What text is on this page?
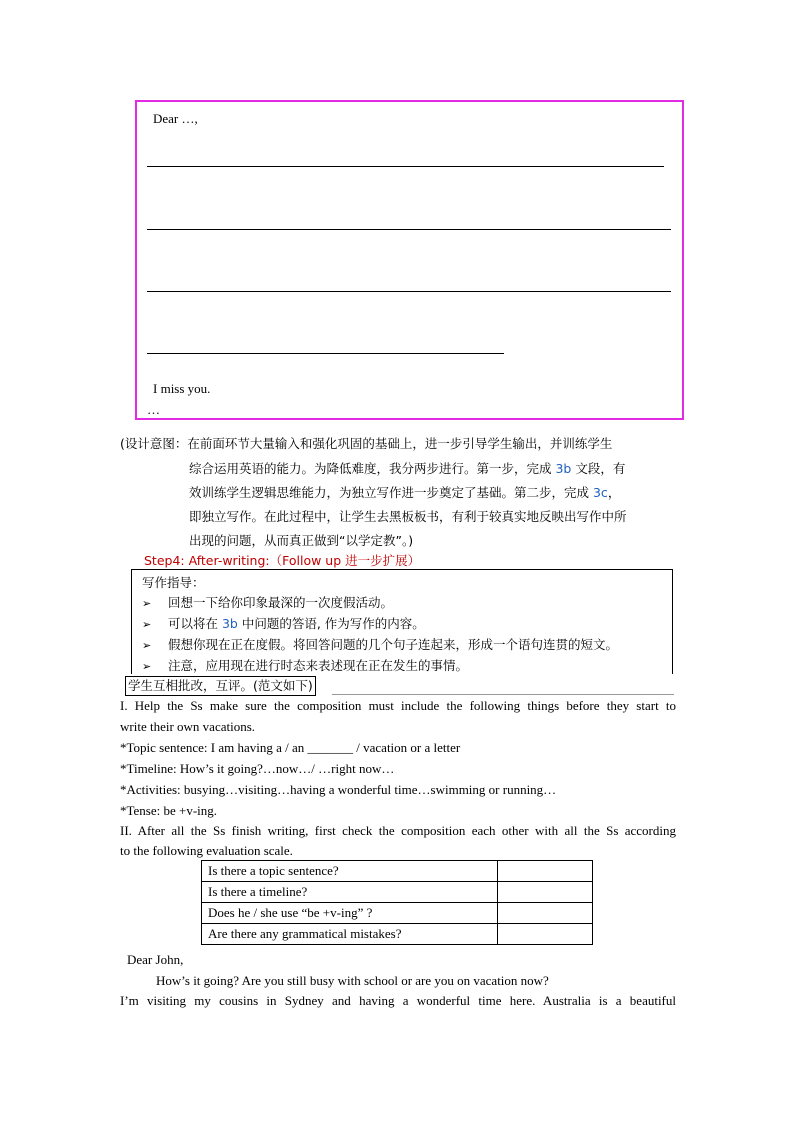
Dear …,
I miss you.
…
(设计意图：在前面环节大量输入和强化巩固的基础上，进一步引导学生输出，并训练学生
综合运用英语的能力。为降低难度，我分两步进行。第一步，完成 3b 文段，有
效训练学生逻辑思维能力，为独立写作进一步奠定了基础。第二步，完成 3c，
即独立写作。在此过程中，让学生去黑板板书，有利于较真实地反映出写作中所
出现的问题，从而真正做到“以学定教”。)
Step4: After-writing:（Follow up 进一步扩展）
写作指导：
➢ 回想一下给你印象最深的一次度假活动。
➢ 可以将在 3b 中问题的答语, 作为写作的内容。
➢ 假想你现在正在度假。将回答问题的几个句子连起来，形成一个语句连贯的短文。
➢ 注意，应用现在进行时态来表述现在正在发生的事情。
学生互相批改，互评。(范文如下)
I. Help the Ss make sure the composition must include the following things before they start to
write their own vacations.
*Topic sentence: I am having a / an _______ / vacation or a letter
*Timeline: How’s it going?…now…/ …right now…
*Activities: busying…visiting…having a wonderful time…swimming or running…
*Tense: be +v-ing.
II. After all the Ss finish writing, first check the composition each other with all the Ss according
to the following evaluation scale.
Is there a topic sentence?	
Is there a timeline?	
Does he / she use “be +v-ing” ?	
Are there any grammatical mistakes?	
Dear John,
How’s it going? Are you still busy with school or are you on vacation now?
I’m visiting my cousins in Sydney and having a wonderful time here. Australia is a beautiful
